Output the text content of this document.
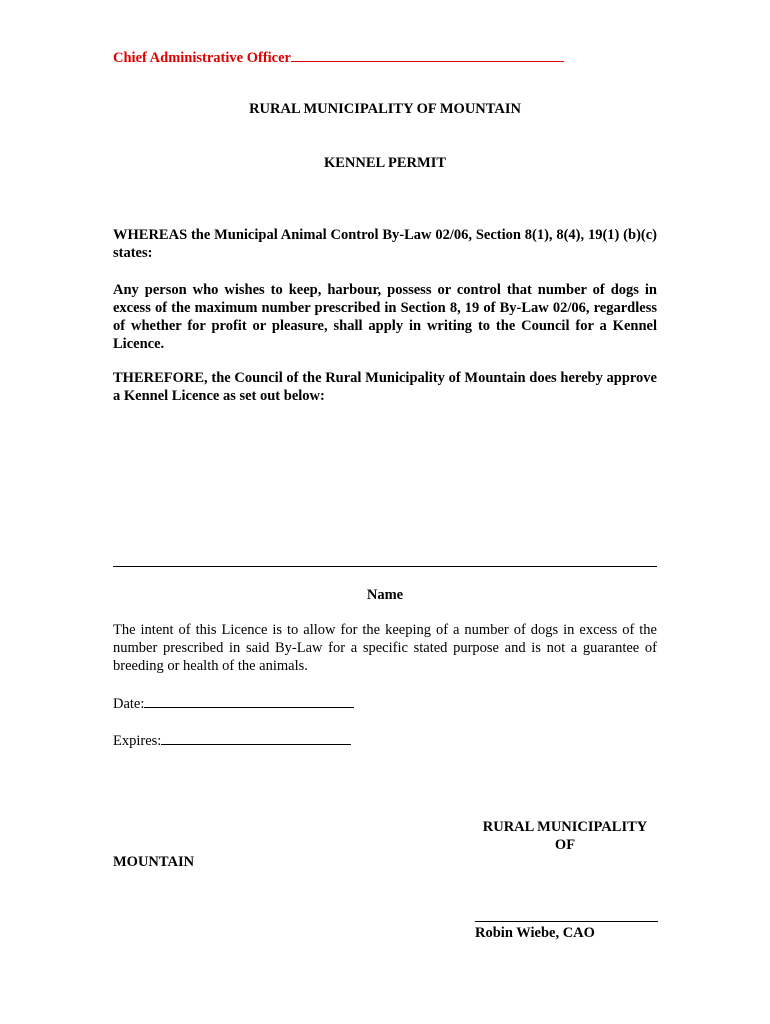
Chief Administrative Officer
RURAL MUNICIPALITY OF MOUNTAIN
KENNEL PERMIT
WHEREAS the Municipal Animal Control By-Law 02/06, Section 8(1), 8(4), 19(1) (b)(c) states:
Any person who wishes to keep, harbour, possess or control that number of dogs in excess of the maximum number prescribed in Section 8, 19 of By-Law 02/06, regardless of whether for profit or pleasure, shall apply in writing to the Council for a Kennel Licence.
THEREFORE, the Council of the Rural Municipality of Mountain does hereby approve a Kennel Licence as set out below:
Name
The intent of this Licence is to allow for the keeping of a number of dogs in excess of the number prescribed in said By-Law for a specific stated purpose and is not a guarantee of breeding or health of the animals.
Date:
Expires:
RURAL MUNICIPALITY
OF
MOUNTAIN
Robin Wiebe, CAO
